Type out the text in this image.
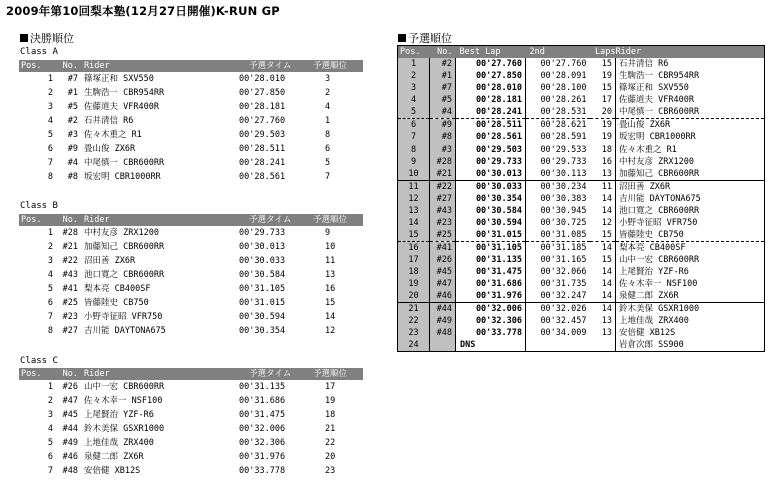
2009年第10回梨本塾(12月27日開催)K-RUN GP
決勝順位
Class A
Pos.	No.	Rider	予選タイム	予選順位
1	#7	篠塚正和 SXV550	00'28.010	3
2	#1	生駒浩一 CBR954RR	00'27.850	2
3	#5	佐藤道夫 VFR400R	00'28.181	4
4	#2	石井清信 R6	00'27.760	1
5	#3	佐々木重之 R1	00'29.503	8
6	#9	畳山俊 ZX6R	00'28.511	6
7	#4	中尾慎一 CBR600RR	00'28.241	5
8	#8	坂宏明 CBR1000RR	00'28.561	7
Class B
Pos.	No.	Rider	予選タイム	予選順位
1	#28	中村友彦 ZRX1200	00'29.733	9
2	#21	加藤知己 CBR600RR	00'30.013	10
3	#22	沼田善 ZX6R	00'30.033	11
4	#43	池口寛之 CBR600RR	00'30.584	13
5	#41	梨本亮 CB400SF	00'31.105	16
6	#25	皆藤陸史 CB750	00'31.015	15
7	#23	小野寺征昭 VFR750	00'30.594	14
8	#27	吉川能 DAYTONA675	00'30.354	12
Class C
Pos.	No.	Rider	予選タイム	予選順位
1	#26	山中一宏 CBR600RR	00'31.135	17
2	#47	佐々木幸一 NSF100	00'31.686	19
3	#45	上尾賢治 YZF-R6	00'31.475	18
4	#44	鈴木美保 GSXR1000	00'32.006	21
5	#49	上地佳哉 ZRX400	00'32.306	22
6	#46	泉健二郎 ZX6R	00'31.976	20
7	#48	安倍健 XB12S	00'33.778	23
予選順位
Pos.	No.	Best Lap	2nd	Laps	Rider
1	#2	00'27.760	00'27.760	15	石井清信 R6
2	#1	00'27.850	00'28.091	19	生駒浩一 CBR954RR
3	#7	00'28.010	00'28.100	15	篠塚正和 SXV550
4	#5	00'28.181	00'28.261	17	佐藤道夫 VFR400R
5	#4	00'28.241	00'28.531	20	中尾慎一 CBR600RR
6	#9	00'28.511	00'28.621	19	畳山俊 ZX6R
7	#8	00'28.561	00'28.591	19	坂宏明 CBR1000RR
8	#3	00'29.503	00'29.533	18	佐々木重之 R1
9	#28	00'29.733	00'29.733	16	中村友彦 ZRX1200
10	#21	00'30.013	00'30.113	13	加藤知己 CBR600RR
11	#22	00'30.033	00'30.234	11	沼田善 ZX6R
12	#27	00'30.354	00'30.383	14	吉川能 DAYTONA675
13	#43	00'30.584	00'30.945	14	池口寛之 CBR600RR
14	#23	00'30.594	00'30.725	12	小野寺征昭 VFR750
15	#25	00'31.015	00'31.085	15	皆藤陸史 CB750
16	#41	00'31.105	00'31.185	14	梨本亮 CB400SF
17	#26	00'31.135	00'31.165	15	山中一宏 CBR600RR
18	#45	00'31.475	00'32.066	14	上尾賢治 YZF-R6
19	#47	00'31.686	00'31.735	14	佐々木幸一 NSF100
20	#46	00'31.976	00'32.247	14	泉健二郎 ZX6R
21	#44	00'32.006	00'32.026	14	鈴木美保 GSXR1000
22	#49	00'32.306	00'32.457	13	上地佳哉 ZRX400
23	#48	00'33.778	00'34.009	13	安倍健 XB12S
24		DNS			岩倉次郎 SS900
